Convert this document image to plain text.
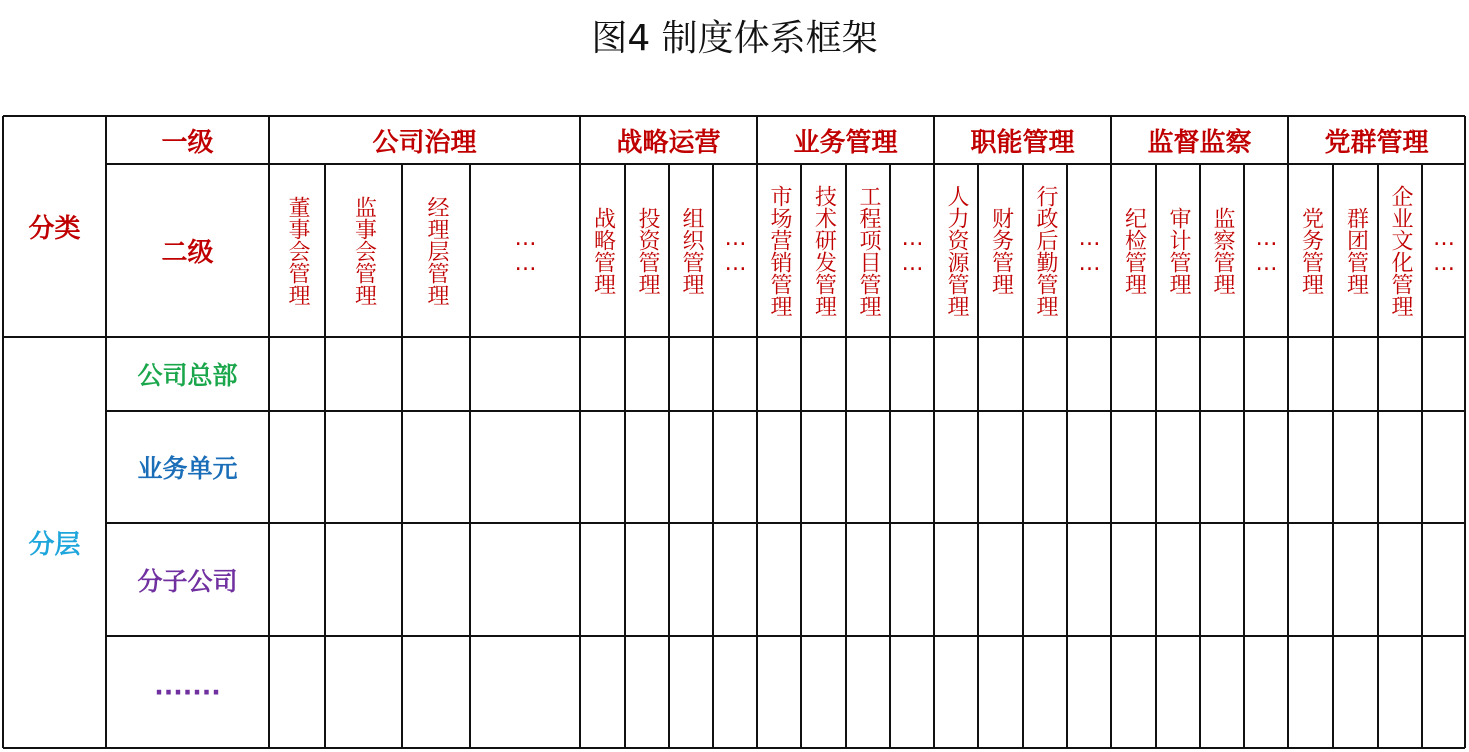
图4 制度体系框架
分类
一级
二级
分层
公司治理
董事会管理 监事会管理 经理层管理	……
战略运营
战略管理 投资管理 组织管理 ……
业务管理
市场营销管理 技术研发管理 工程项目管理 ……
职能管理
人力资源管理 财务管理 行政后勤管理 ……
监督监察
纪检管理 审计管理 监察管理 ……
党群管理
党务管理 群团管理 企业文化管理 ……
公司总部
业务单元
分子公司
·······
